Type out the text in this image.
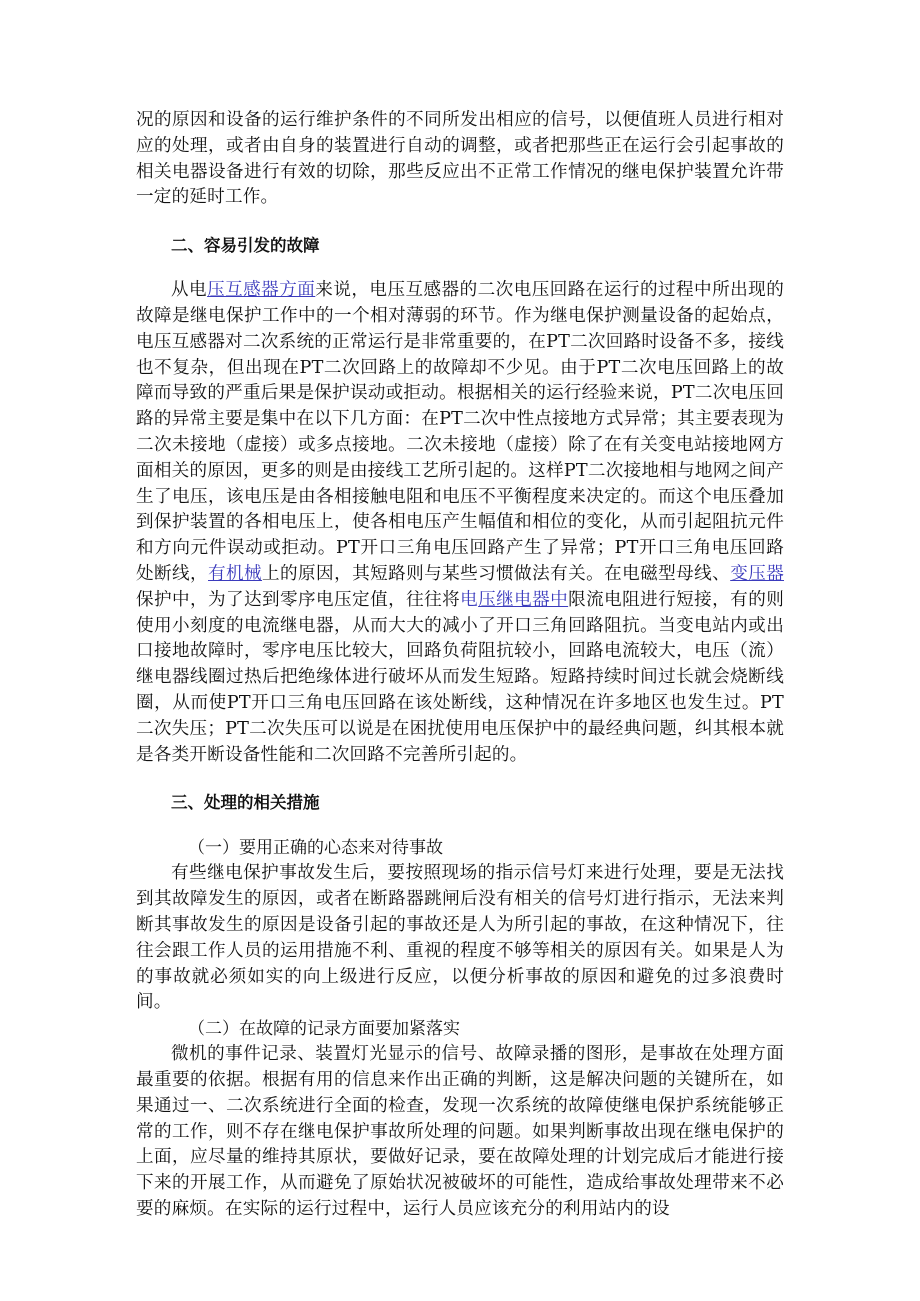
况的原因和设备的运行维护条件的不同所发出相应的信号，以便值班人员进行相对应的处理，或者由自身的装置进行自动的调整，或者把那些正在运行会引起事故的相关电器设备进行有效的切除，那些反应出不正常工作情况的继电保护装置允许带一定的延时工作。

二、容易引发的故障

从电压互感器方面来说，电压互感器的二次电压回路在运行的过程中所出现的故障是继电保护工作中的一个相对薄弱的环节。作为继电保护测量设备的起始点，电压互感器对二次系统的正常运行是非常重要的，在PT二次回路时设备不多，接线也不复杂，但出现在PT二次回路上的故障却不少见。由于PT二次电压回路上的故障而导致的严重后果是保护误动或拒动。根据相关的运行经验来说，PT二次电压回路的异常主要是集中在以下几方面：在PT二次中性点接地方式异常；其主要表现为二次未接地（虚接）或多点接地。二次未接地（虚接）除了在有关变电站接地网方面相关的原因，更多的则是由接线工艺所引起的。这样PT二次接地相与地网之间产生了电压，该电压是由各相接触电阻和电压不平衡程度来决定的。而这个电压叠加到保护装置的各相电压上，使各相电压产生幅值和相位的变化，从而引起阻抗元件和方向元件误动或拒动。PT开口三角电压回路产生了异常；PT开口三角电压回路处断线，有机械上的原因，其短路则与某些习惯做法有关。在电磁型母线、变压器保护中，为了达到零序电压定值，往往将电压继电器中限流电阻进行短接，有的则使用小刻度的电流继电器，从而大大的减小了开口三角回路阻抗。当变电站内或出口接地故障时，零序电压比较大，回路负荷阻抗较小，回路电流较大，电压（流）继电器线圈过热后把绝缘体进行破坏从而发生短路。短路持续时间过长就会烧断线圈，从而使PT开口三角电压回路在该处断线，这种情况在许多地区也发生过。PT二次失压；PT二次失压可以说是在困扰使用电压保护中的最经典问题，纠其根本就是各类开断设备性能和二次回路不完善所引起的。

三、处理的相关措施

（一）要用正确的心态来对待事故

有些继电保护事故发生后，要按照现场的指示信号灯来进行处理，要是无法找到其故障发生的原因，或者在断路器跳闸后没有相关的信号灯进行指示，无法来判断其事故发生的原因是设备引起的事故还是人为所引起的事故，在这种情况下，往往会跟工作人员的运用措施不利、重视的程度不够等相关的原因有关。如果是人为的事故就必须如实的向上级进行反应，以便分析事故的原因和避免的过多浪费时间。

（二）在故障的记录方面要加紧落实

微机的事件记录、装置灯光显示的信号、故障录播的图形，是事故在处理方面最重要的依据。根据有用的信息来作出正确的判断，这是解决问题的关键所在，如果通过一、二次系统进行全面的检查，发现一次系统的故障使继电保护系统能够正常的工作，则不存在继电保护事故所处理的问题。如果判断事故出现在继电保护的上面，应尽量的维持其原状，要做好记录，要在故障处理的计划完成后才能进行接下来的开展工作，从而避免了原始状况被破坏的可能性，造成给事故处理带来不必要的麻烦。在实际的运行过程中，运行人员应该充分的利用站内的设
